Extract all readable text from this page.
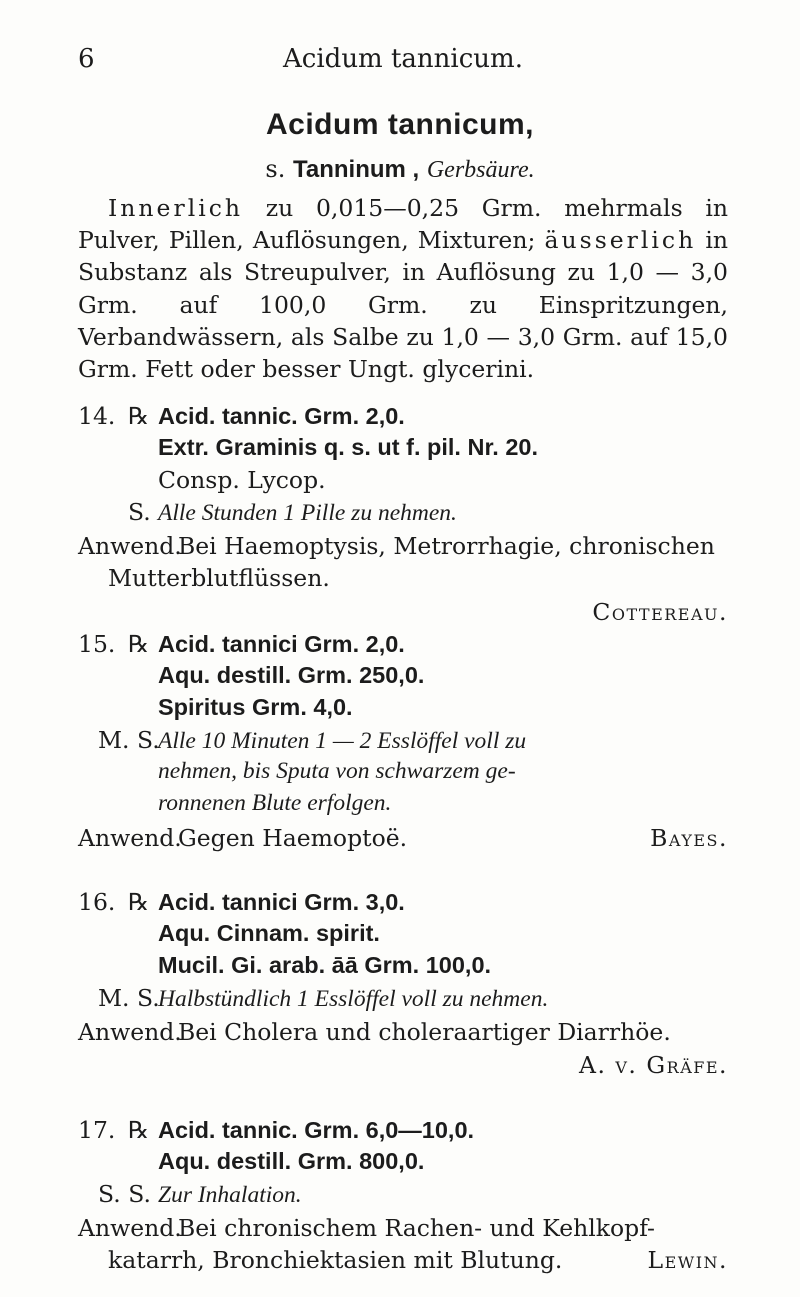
6	Acidum tannicum.
Acidum tannicum,
s. Tanninum , Gerbsäure.
Innerlich zu 0,015—0,25 Grm. mehrmals in Pulver, Pillen, Auflösungen, Mixturen; äusserlich in Substanz als Streupulver, in Auflösung zu 1,0 — 3,0 Grm. auf 100,0 Grm. zu Einspritzungen, Verbandwässern, als Salbe zu 1,0 — 3,0 Grm. auf 15,0 Grm. Fett oder besser Ungt. glycerini.
14. ℞ Acid. tannic. Grm. 2,0.
Extr. Graminis q. s. ut f. pil. Nr. 20.
Consp. Lycop.
S. Alle Stunden 1 Pille zu nehmen.
Anwend.Bei Haemoptysis, Metrorrhagie, chronischen
Mutterblutflüssen.
Cottereau.
15. ℞ Acid. tannici Grm. 2,0.
Aqu. destill. Grm. 250,0.
Spiritus Grm. 4,0.
M. S.Alle 10 Minuten 1 — 2 Esslöffel voll zu
nehmen, bis Sputa von schwarzem ge-
ronnenen Blute erfolgen.
Anwend.Gegen Haemoptoë.	Bayes.
16. ℞ Acid. tannici Grm. 3,0.
Aqu. Cinnam. spirit.
Mucil. Gi. arab. āā Grm. 100,0.
M. S.Halbstündlich 1 Esslöffel voll zu nehmen.
Anwend.Bei Cholera und choleraartiger Diarrhöe.
A. v. Gräfe.
17. ℞ Acid. tannic. Grm. 6,0—10,0.
Aqu. destill. Grm. 800,0.
S. S. Zur Inhalation.
Anwend.Bei chronischem Rachen- und Kehlkopf-
katarrh, Bronchiektasien mit Blutung.	Lewin.
